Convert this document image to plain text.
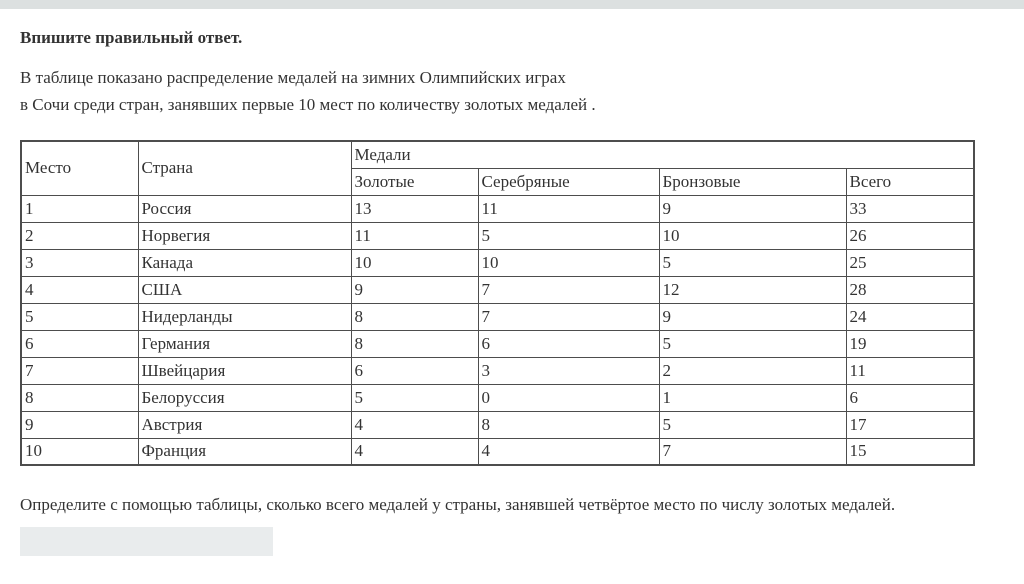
Впишите правильный ответ.

В таблице показано распределение медалей на зимних Олимпийских играх
в Сочи среди стран, занявших первые 10 мест по количеству золотых медалей .

Место	Страна	Медали			
		Золотые	Серебряные	Бронзовые	Всего
1	Россия	13	11	9	33
2	Норвегия	11	5	10	26
3	Канада	10	10	5	25
4	США	9	7	12	28
5	Нидерланды	8	7	9	24
6	Германия	8	6	5	19
7	Швейцария	6	3	2	11
8	Белоруссия	5	0	1	6
9	Австрия	4	8	5	17
10	Франция	4	4	7	15

Определите с помощью таблицы, сколько всего медалей у страны, занявшей четвёртое место по числу золотых медалей.
